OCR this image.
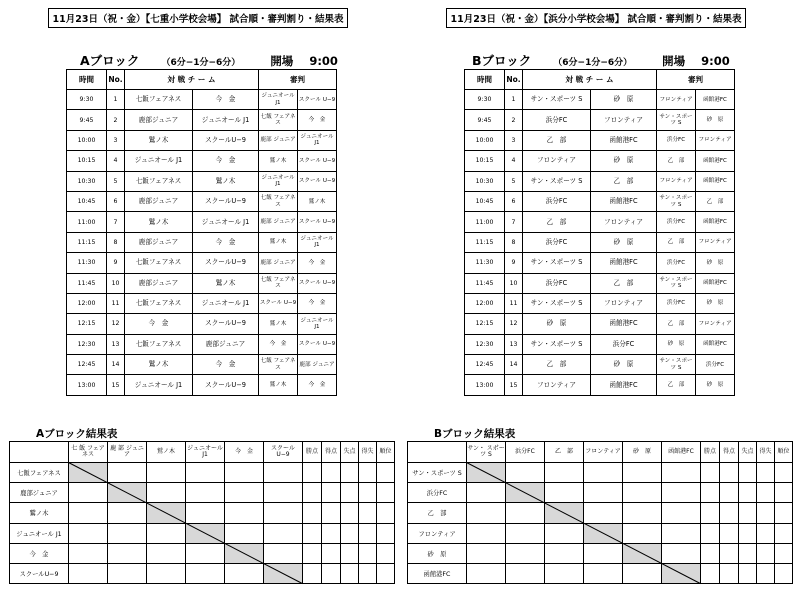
11月23日（祝・金）【七重小学校会場】 試合順・審判割り・結果表
Aブロック （6分−1分−6分）	開場 9:00
11月23日（祝・金）【浜分小学校会場】 試合順・審判割り・結果表
Bブロック （6分−1分−6分）	開場 9:00
時間	No.	対 戦 チ ー ム		審判	
9:30	1	七飯フェアネス	今　金	ジュニオール J1	スクール U−9
9:45	2	鹿部ジュニア	ジュニオール J1	七飯 フェアネス	今　金
10:00	3	鷲ノ木	スクールU−9	鹿部 ジュニア	ジュニオール J1
10:15	4	ジュニオール J1	今　金	鷲ノ木	スクール U−9
10:30	5	七飯フェアネス	鷲ノ木	ジュニオール J1	スクール U−9
10:45	6	鹿部ジュニア	スクールU−9	七飯 フェアネス	鷲ノ木
11:00	7	鷲ノ木	ジュニオール J1	鹿部 ジュニア	スクール U−9
11:15	8	鹿部ジュニア	今　金	鷲ノ木	ジュニオール J1
11:30	9	七飯フェアネス	スクールU−9	鹿部 ジュニア	今　金
11:45	10	鹿部ジュニア	鷲ノ木	七飯 フェアネス	スクール U−9
12:00	11	七飯フェアネス	ジュニオール J1	スクール U−9	今　金
12:15	12	今　金	スクールU−9	鷲ノ木	ジュニオール J1
12:30	13	七飯フェアネス	鹿部ジュニア	今　金	スクール U−9
12:45	14	鷲ノ木	今　金	七飯 フェアネス	鹿部 ジュニア
13:00	15	ジュニオール J1	スクールU−9	鷲ノ木	今　金
時間	No.	対 戦 チ ー ム		審判	
9:30	1	サン・スポーツ S	砂　原	フロンティア	函館港FC
9:45	2	浜分FC	フロンティア	サン・スポー ツ S	砂　原
10:00	3	乙　部	函館港FC	浜分FC	フロンティア
10:15	4	フロンティア	砂　原	乙　部	函館港FC
10:30	5	サン・スポーツ S	乙　部	フロンティア	函館港FC
10:45	6	浜分FC	函館港FC	サン・スポー ツ S	乙　部
11:00	7	乙　部	フロンティア	浜分FC	函館港FC
11:15	8	浜分FC	砂　原	乙　部	フロンティア
11:30	9	サン・スポーツ S	函館港FC	浜分FC	砂　原
11:45	10	浜分FC	乙　部	サン・スポー ツ S	函館港FC
12:00	11	サン・スポーツ S	フロンティア	浜分FC	砂　原
12:15	12	砂　原	函館港FC	乙　部	フロンティア
12:30	13	サン・スポーツ S	浜分FC	砂　原	函館港FC
12:45	14	乙　部	砂　原	サン・スポー ツ S	浜分FC
13:00	15	フロンティア	函館港FC	乙　部	砂　原
Aブロック結果表
	七 飯 フェアネス	鹿 部 ジュニア	鷲ノ木	ジュニオール J1	今　金	スクール U−9	勝点	得点	失点	得失	順位
七飯フェアネス											
鹿部ジュニア											
鷲ノ木											
ジュニオール J1											
今　金											
スクールU−9											
Bブロック結果表
	サン・ スポーツ S	浜分FC	乙　部	フロンティア	砂　原	函館港FC	勝点	得点	失点	得失	順位
サン・スポーツ S											
浜分FC											
乙　部											
フロンティア											
砂　原											
函館港FC											
